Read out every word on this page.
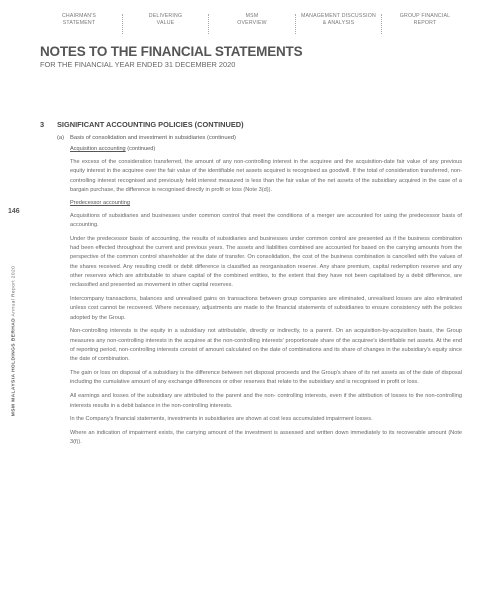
CHAIRMAN'S
STATEMENT
DELIVERING
VALUE
MSM
OVERVIEW
MANAGEMENT DISCUSSION
& ANALYSIS
GROUP FINANCIAL
REPORT
NOTES TO THE FINANCIAL STATEMENTS
FOR THE FINANCIAL YEAR ENDED 31 DECEMBER 2020
146
MSM MALAYSIA HOLDINGS BERHAD Annual Report 2020
3 SIGNIFICANT ACCOUNTING POLICIES (CONTINUED)
(a) Basis of consolidation and investment in subsidiaries (continued)
Acquisition accounting (continued)

The excess of the consideration transferred, the amount of any non-controlling interest in the acquiree and the acquisition-date fair value of any previous equity interest in the acquiree over the fair value of the identifiable net assets acquired is recognised as goodwill. If the total of consideration transferred, non-controlling interest recognised and previously held interest measured is less than the fair value of the net assets of the subsidiary acquired in the case of a bargain purchase, the difference is recognised directly in profit or loss (Note 3(d)).

Predecessor accounting

Acquisitions of subsidiaries and businesses under common control that meet the conditions of a merger are accounted for using the predecessor basis of accounting.

Under the predecessor basis of accounting, the results of subsidiaries and businesses under common control are presented as if the business combination had been effected throughout the current and previous years. The assets and liabilities combined are accounted for based on the carrying amounts from the perspective of the common control shareholder at the date of transfer. On consolidation, the cost of the business combination is cancelled with the values of the shares received. Any resulting credit or debit difference is classified as reorganisation reserve. Any share premium, capital redemption reserve and any other reserves which are attributable to share capital of the combined entities, to the extent that they have not been capitalised by a debit difference, are reclassified and presented as movement in other capital reserves.

Intercompany transactions, balances and unrealised gains on transactions between group companies are eliminated, unrealised losses are also eliminated unless cost cannot be recovered. Where necessary, adjustments are made to the financial statements of subsidiaries to ensure consistency with the policies adopted by the Group.

Non-controlling interests is the equity in a subsidiary not attributable, directly or indirectly, to a parent. On an acquisition-by-acquisition basis, the Group measures any non-controlling interests in the acquiree at the non-controlling interests' proportionate share of the acquiree's identifiable net assets. At the end of reporting period, non-controlling interests consist of amount calculated on the date of combinations and its share of changes in the subsidiary's equity since the date of combination.

The gain or loss on disposal of a subsidiary is the difference between net disposal proceeds and the Group's share of its net assets as of the date of disposal including the cumulative amount of any exchange differences or other reserves that relate to the subsidiary and is recognised in profit or loss.

All earnings and losses of the subsidiary are attributed to the parent and the non- controlling interests, even if the attribution of losses to the non-controlling interests results in a debit balance in the non-controlling interests.

In the Company's financial statements, investments in subsidiaries are shown at cost less accumulated impairment losses.

Where an indication of impairment exists, the carrying amount of the investment is assessed and written down immediately to its recoverable amount (Note 3(f)).
